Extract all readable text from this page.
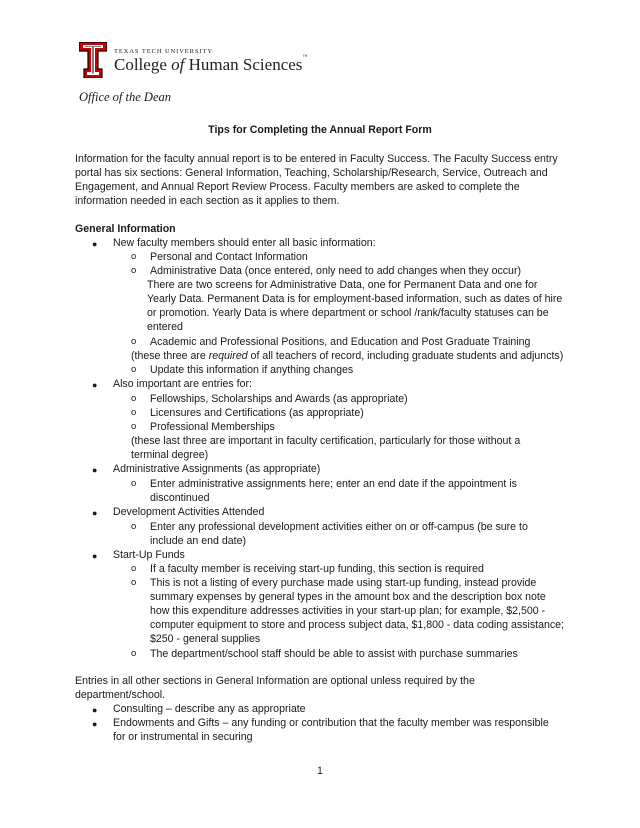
TEXAS TECH UNIVERSITY
College of Human Sciences™
Office of the Dean
Tips for Completing the Annual Report Form
Information for the faculty annual report is to be entered in Faculty Success. The Faculty Success entry
portal has six sections: General Information, Teaching, Scholarship/Research, Service, Outreach and
Engagement, and Annual Report Review Process. Faculty members are asked to complete the
information needed in each section as it applies to them.
General Information
● New faculty members should enter all basic information:
o Personal and Contact Information
o Administrative Data (once entered, only need to add changes when they occur)
There are two screens for Administrative Data, one for Permanent Data and one for
Yearly Data. Permanent Data is for employment-based information, such as dates of hire
or promotion. Yearly Data is where department or school /rank/faculty statuses can be
entered
o Academic and Professional Positions, and Education and Post Graduate Training
(these three are required of all teachers of record, including graduate students and adjuncts)
o Update this information if anything changes
● Also important are entries for:
o Fellowships, Scholarships and Awards (as appropriate)
o Licensures and Certifications (as appropriate)
o Professional Memberships
(these last three are important in faculty certification, particularly for those without a
terminal degree)
● Administrative Assignments (as appropriate)
o Enter administrative assignments here; enter an end date if the appointment is
discontinued
● Development Activities Attended
o Enter any professional development activities either on or off-campus (be sure to
include an end date)
● Start-Up Funds
o If a faculty member is receiving start-up funding, this section is required
o This is not a listing of every purchase made using start-up funding, instead provide
summary expenses by general types in the amount box and the description box note
how this expenditure addresses activities in your start-up plan; for example, $2,500 -
computer equipment to store and process subject data, $1,800 - data coding assistance;
$250 - general supplies
o The department/school staff should be able to assist with purchase summaries
Entries in all other sections in General Information are optional unless required by the
department/school.
● Consulting – describe any as appropriate
● Endowments and Gifts – any funding or contribution that the faculty member was responsible
for or instrumental in securing
1
